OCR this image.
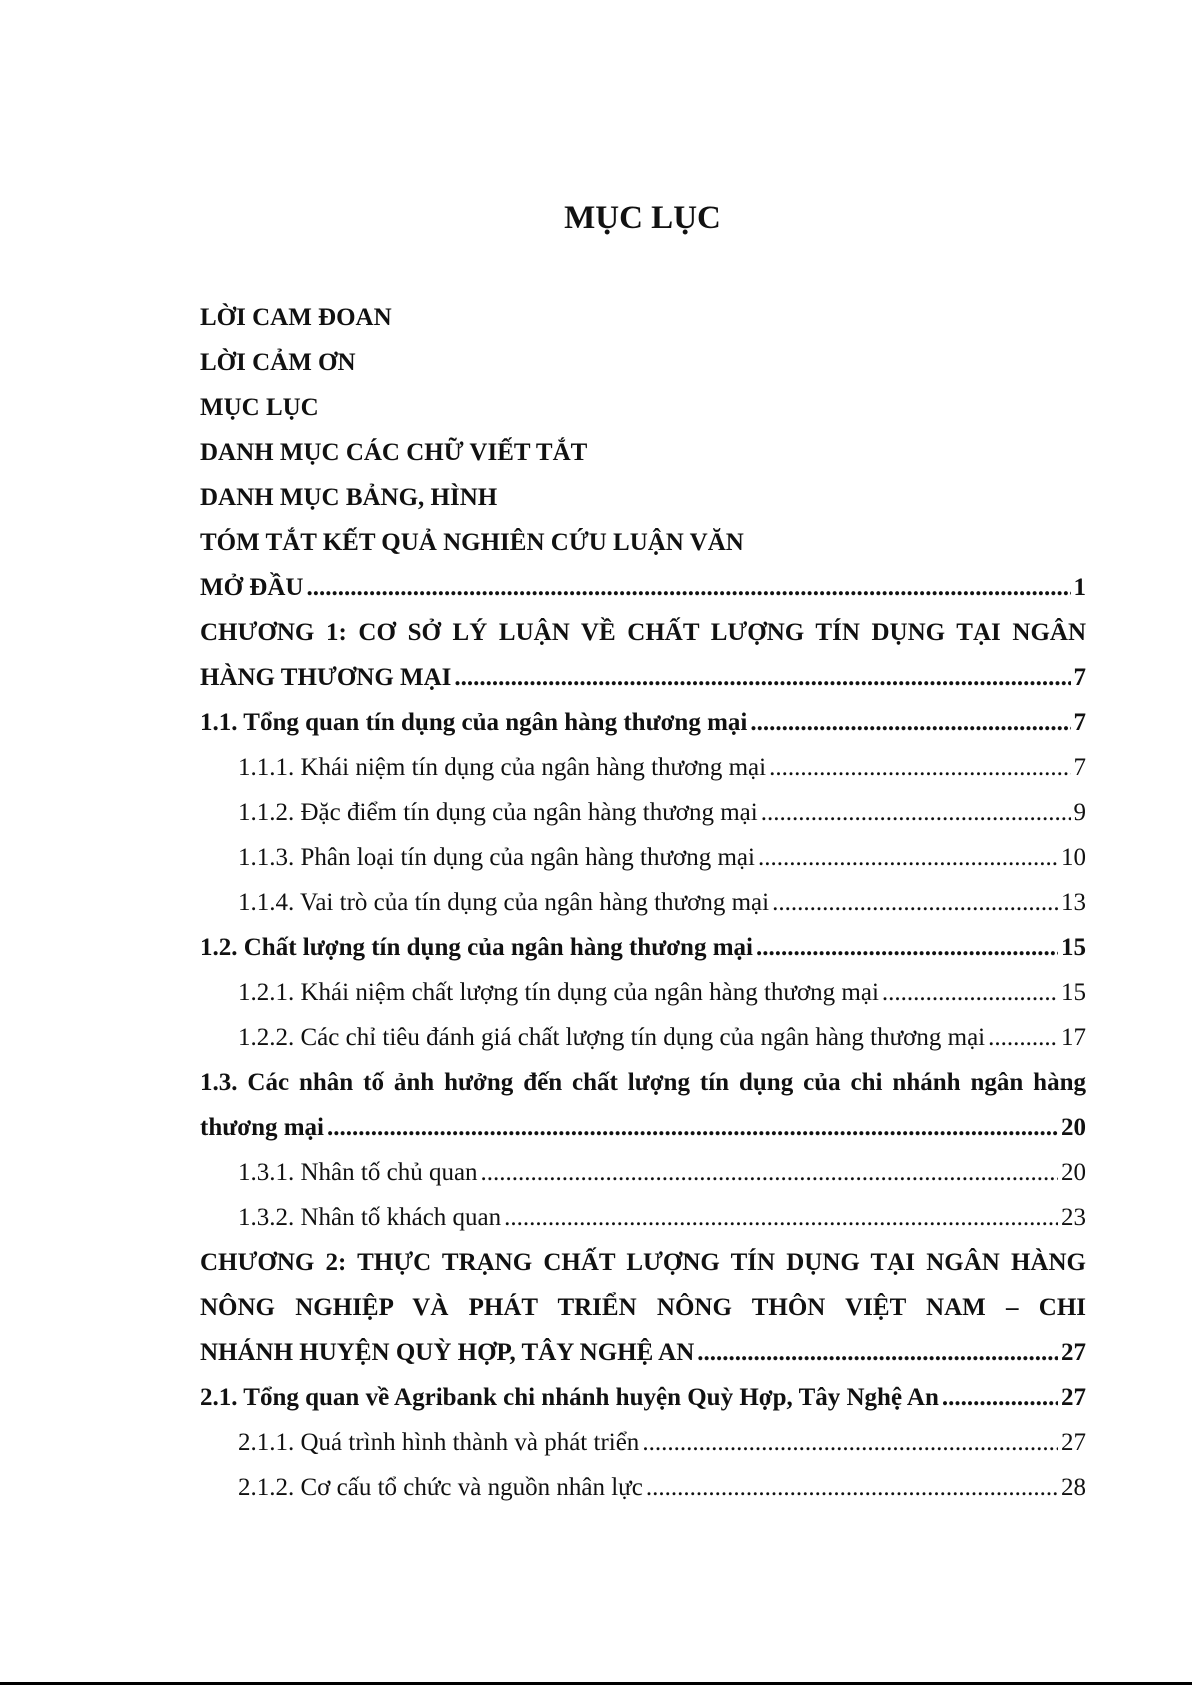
MỤC LỤC
LỜI CAM ĐOAN
LỜI CẢM ƠN
MỤC LỤC
DANH MỤC CÁC CHỮ VIẾT TẮT
DANH MỤC BẢNG, HÌNH
TÓM TẮT KẾT QUẢ NGHIÊN CỨU LUẬN VĂN
MỞ ĐẦU .....	1
CHƯƠNG 1: CƠ SỞ LÝ LUẬN VỀ CHẤT LƯỢNG TÍN DỤNG TẠI NGÂN
HÀNG THƯƠNG MẠI .....	7
1.1. Tổng quan tín dụng của ngân hàng thương mại .....	7
1.1.1. Khái niệm tín dụng của ngân hàng thương mại .....	7
1.1.2. Đặc điểm tín dụng của ngân hàng thương mại .....	9
1.1.3. Phân loại tín dụng của ngân hàng thương mại .....	10
1.1.4. Vai trò của tín dụng của ngân hàng thương mại .....	13
1.2. Chất lượng tín dụng của ngân hàng thương mại .....	15
1.2.1. Khái niệm chất lượng tín dụng của ngân hàng thương mại .....	15
1.2.2. Các chỉ tiêu đánh giá chất lượng tín dụng của ngân hàng thương mại .....	17
1.3. Các nhân tố ảnh hưởng đến chất lượng tín dụng của chi nhánh ngân hàng
thương mại .....	20
1.3.1. Nhân tố chủ quan .....	20
1.3.2. Nhân tố khách quan .....	23
CHƯƠNG 2: THỰC TRẠNG CHẤT LƯỢNG TÍN DỤNG TẠI NGÂN HÀNG
NÔNG NGHIỆP VÀ PHÁT TRIỂN NÔNG THÔN VIỆT NAM – CHI
NHÁNH HUYỆN QUỲ HỢP, TÂY NGHỆ AN .....	27
2.1. Tổng quan về Agribank chi nhánh huyện Quỳ Hợp, Tây Nghệ An .....	27
2.1.1. Quá trình hình thành và phát triển .....	27
2.1.2. Cơ cấu tổ chức và nguồn nhân lực .....	28
